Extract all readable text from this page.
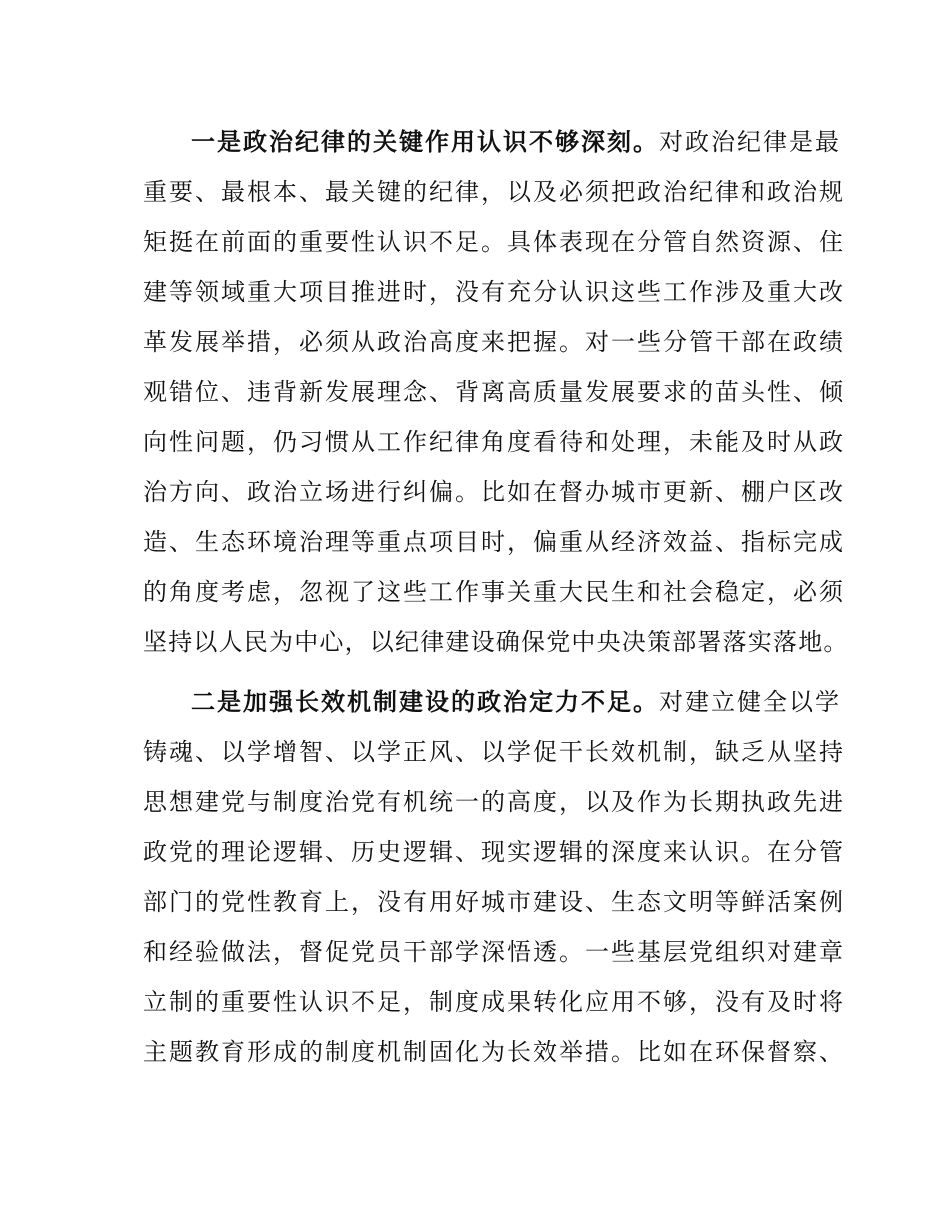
一是政治纪律的关键作用认识不够深刻。对政治纪律是最
重要、最根本、最关键的纪律，以及必须把政治纪律和政治规
矩挺在前面的重要性认识不足。具体表现在分管自然资源、住
建等领域重大项目推进时，没有充分认识这些工作涉及重大改
革发展举措，必须从政治高度来把握。对一些分管干部在政绩
观错位、违背新发展理念、背离高质量发展要求的苗头性、倾
向性问题，仍习惯从工作纪律角度看待和处理，未能及时从政
治方向、政治立场进行纠偏。比如在督办城市更新、棚户区改
造、生态环境治理等重点项目时，偏重从经济效益、指标完成
的角度考虑，忽视了这些工作事关重大民生和社会稳定，必须
坚持以人民为中心，以纪律建设确保党中央决策部署落实落地。
二是加强长效机制建设的政治定力不足。对建立健全以学
铸魂、以学增智、以学正风、以学促干长效机制，缺乏从坚持
思想建党与制度治党有机统一的高度，以及作为长期执政先进
政党的理论逻辑、历史逻辑、现实逻辑的深度来认识。在分管
部门的党性教育上，没有用好城市建设、生态文明等鲜活案例
和经验做法，督促党员干部学深悟透。一些基层党组织对建章
立制的重要性认识不足，制度成果转化应用不够，没有及时将
主题教育形成的制度机制固化为长效举措。比如在环保督察、
